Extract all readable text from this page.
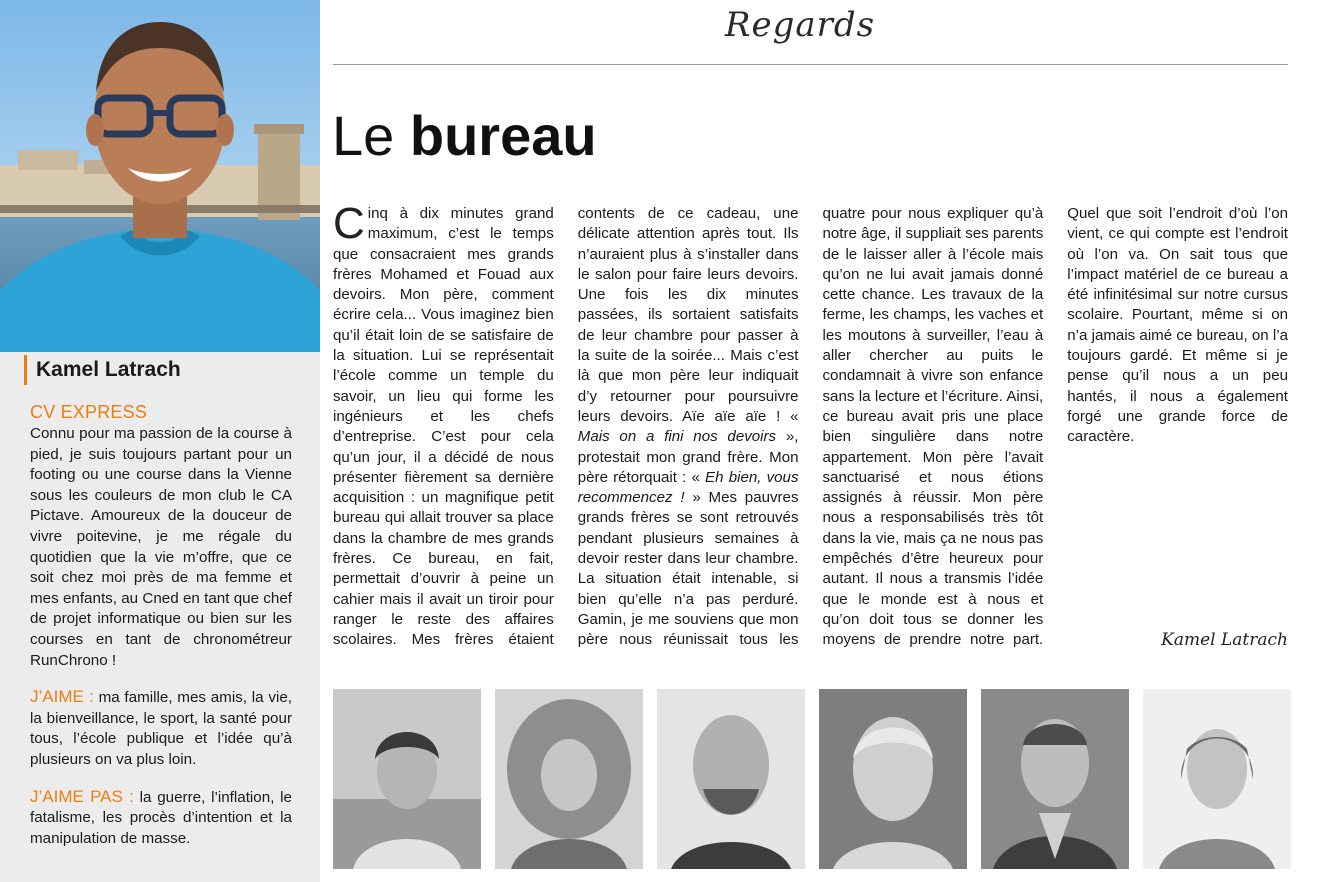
Kamel Latrach
CV EXPRESS

Connu pour ma passion de la course à pied, je suis toujours partant pour un footing ou une course dans la Vienne sous les couleurs de mon club le CA Pictave. Amoureux de la douceur de vivre poitevine, je me régale du quotidien que la vie m’offre, que ce soit chez moi près de ma femme et mes enfants, au Cned en tant que chef de projet informatique ou bien sur les courses en tant de chronométreur RunChrono !

J’AIME : ma famille, mes amis, la vie, la bienveillance, le sport, la santé pour tous, l’école publique et l’idée qu’à plusieurs on va plus loin.

J’AIME PAS : la guerre, l’inflation, le fatalisme, les procès d’intention et la manipulation de masse.

Regards
Le bureau

Cinq à dix minutes grand maximum, c’est le temps que consacraient mes grands frères Mohamed et Fouad aux devoirs. Mon père, comment écrire cela... Vous imaginez bien qu’il était loin de se satisfaire de la situation. Lui se représentait l’école comme un temple du savoir, un lieu qui forme les ingénieurs et les chefs d’entreprise. C’est pour cela qu’un jour, il a décidé de nous présenter fièrement sa dernière acquisition : un magnifique petit bureau qui allait trouver sa place dans la chambre de mes grands frères. Ce bureau, en fait, permettait d’ouvrir à peine un cahier mais il avait un tiroir pour ranger le reste des affaires scolaires. Mes frères étaient contents de ce cadeau, une délicate attention après tout. Ils n’auraient plus à s’installer dans le salon pour faire leurs devoirs. Une fois les dix minutes passées, ils sortaient satisfaits de leur chambre pour passer à la suite de la soirée... Mais c’est là que mon père leur indiquait d’y retourner pour poursuivre leurs devoirs. Aïe aïe aïe ! « Mais on a fini nos devoirs », protestait mon grand frère. Mon père rétorquait : « Eh bien, vous recommencez ! » Mes pauvres grands frères se sont retrouvés pendant plusieurs semaines à devoir rester dans leur chambre. La situation était intenable, si bien qu’elle n’a pas perduré. Gamin, je me souviens que mon père nous réunissait tous les quatre pour nous expliquer qu’à notre âge, il suppliait ses parents de le laisser aller à l’école mais qu’on ne lui avait jamais donné cette chance. Les travaux de la ferme, les champs, les vaches et les moutons à surveiller, l’eau à aller chercher au puits le condamnait à vivre son enfance sans la lecture et l’écriture. Ainsi, ce bureau avait pris une place bien singulière dans notre appartement. Mon père l’avait sanctuarisé et nous étions assignés à réussir. Mon père nous a responsabilisés très tôt dans la vie, mais ça ne nous pas empêchés d’être heureux pour autant. Il nous a transmis l’idée que le monde est à nous et qu’on doit tous se donner les moyens de prendre notre part. Quel que soit l’endroit d’où l’on vient, ce qui compte est l’endroit où l’on va. On sait tous que l’impact matériel de ce bureau a été infinitésimal sur notre cursus scolaire. Pourtant, même si on n’a jamais aimé ce bureau, on l’a toujours gardé. Et même si je pense qu’il nous a un peu hantés, il nous a également forgé une grande force de caractère.

Kamel Latrach
